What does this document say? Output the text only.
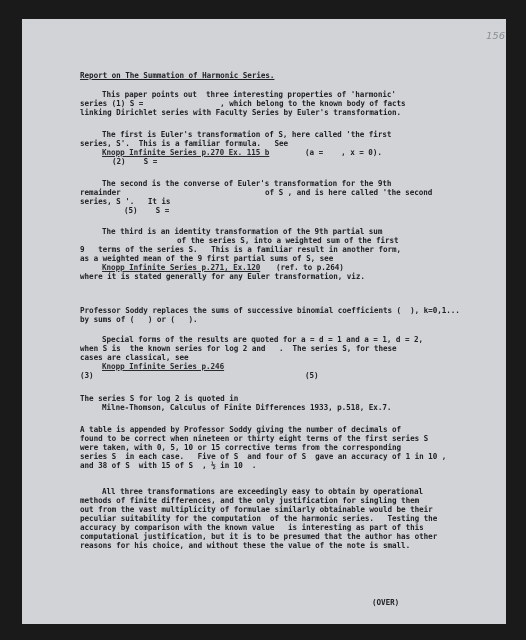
156
Report on The Summation of Harmonic Series.
This paper points out  three interesting properties of 'harmonic'
series (1) S =                 , which belong to the known body of facts
linking Dirichlet series with Faculty Series by Euler's transformation.
The first is Euler's transformation of S, here called 'the first
series, S'.  This is a familiar formula.   See
Knopp Infinite Series p.270 Ex. 115 b	(a =    , x = 0).
(2)    S =
The second is the converse of Euler's transformation for the 9th
remainder	of S , and is here called 'the second
series, S '.   It is
(5)    S =
The third is an identity transformation of the 9th partial sum
of the series S, into a weighted sum of the first
9   terms of the series S.   This is a familiar result in another form,
as a weighted mean of the 9 first partial sums of S, see
Knopp Infinite Series p.271, Ex.120 (ref. to p.264)
where it is stated generally for any Euler transformation, viz.
Professor Soddy replaces the sums of successive binomial coefficients (  ), k=0,1...
by sums of (   ) or (   ).
Special forms of the results are quoted for a = d = 1 and a = 1, d = 2,
when S is  the known series for log 2 and   .  The series S, for these
cases are classical, see
Knopp Infinite Series p.246
(3)	(5)
The series S for log 2 is quoted in
Milne-Thomson, Calculus of Finite Differences 1933, p.518, Ex.7.
A table is appended by Professor Soddy giving the number of decimals of
found to be correct when nineteen or thirty eight terms of the first series S
were taken, with 0, 5, 10 or 15 corrective terms from the corresponding
series S  in each case.   Five of S  and four of S  gave an accuracy of 1 in 10 ,
and 38 of S  with 15 of S  , ½ in 10  .
All three transformations are exceedingly easy to obtain by operational
methods of finite differences, and the only justification for singling them
out from the vast multiplicity of formulae similarly obtainable would be their
peculiar suitability for the computation  of the harmonic series.   Testing the
accuracy by comparison with the known value   is interesting as part of this
computational justification, but it is to be presumed that the author has other
reasons for his choice, and without these the value of the note is small.
(OVER)
